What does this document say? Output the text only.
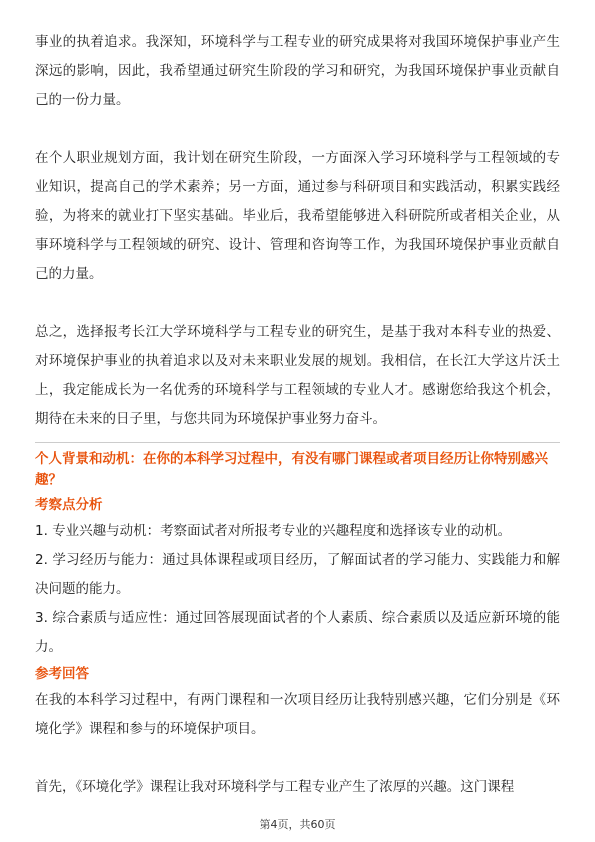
事业的执着追求。我深知，环境科学与工程专业的研究成果将对我国环境保护事业产生深远的影响，因此，我希望通过研究生阶段的学习和研究，为我国环境保护事业贡献自己的一份力量。

在个人职业规划方面，我计划在研究生阶段，一方面深入学习环境科学与工程领域的专业知识，提高自己的学术素养；另一方面，通过参与科研项目和实践活动，积累实践经验，为将来的就业打下坚实基础。毕业后，我希望能够进入科研院所或者相关企业，从事环境科学与工程领域的研究、设计、管理和咨询等工作，为我国环境保护事业贡献自己的力量。

总之，选择报考长江大学环境科学与工程专业的研究生，是基于我对本科专业的热爱、对环境保护事业的执着追求以及对未来职业发展的规划。我相信，在长江大学这片沃土上，我定能成长为一名优秀的环境科学与工程领域的专业人才。感谢您给我这个机会，期待在未来的日子里，与您共同为环境保护事业努力奋斗。

个人背景和动机：在你的本科学习过程中，有没有哪门课程或者项目经历让你特别感兴趣？

考察点分析

1. 专业兴趣与动机：考察面试者对所报考专业的兴趣程度和选择该专业的动机。

2. 学习经历与能力：通过具体课程或项目经历，了解面试者的学习能力、实践能力和解决问题的能力。

3. 综合素质与适应性：通过回答展现面试者的个人素质、综合素质以及适应新环境的能力。

参考回答

在我的本科学习过程中，有两门课程和一次项目经历让我特别感兴趣，它们分别是《环境化学》课程和参与的环境保护项目。

首先，《环境化学》课程让我对环境科学与工程专业产生了浓厚的兴趣。这门课程

第4页，共60页
